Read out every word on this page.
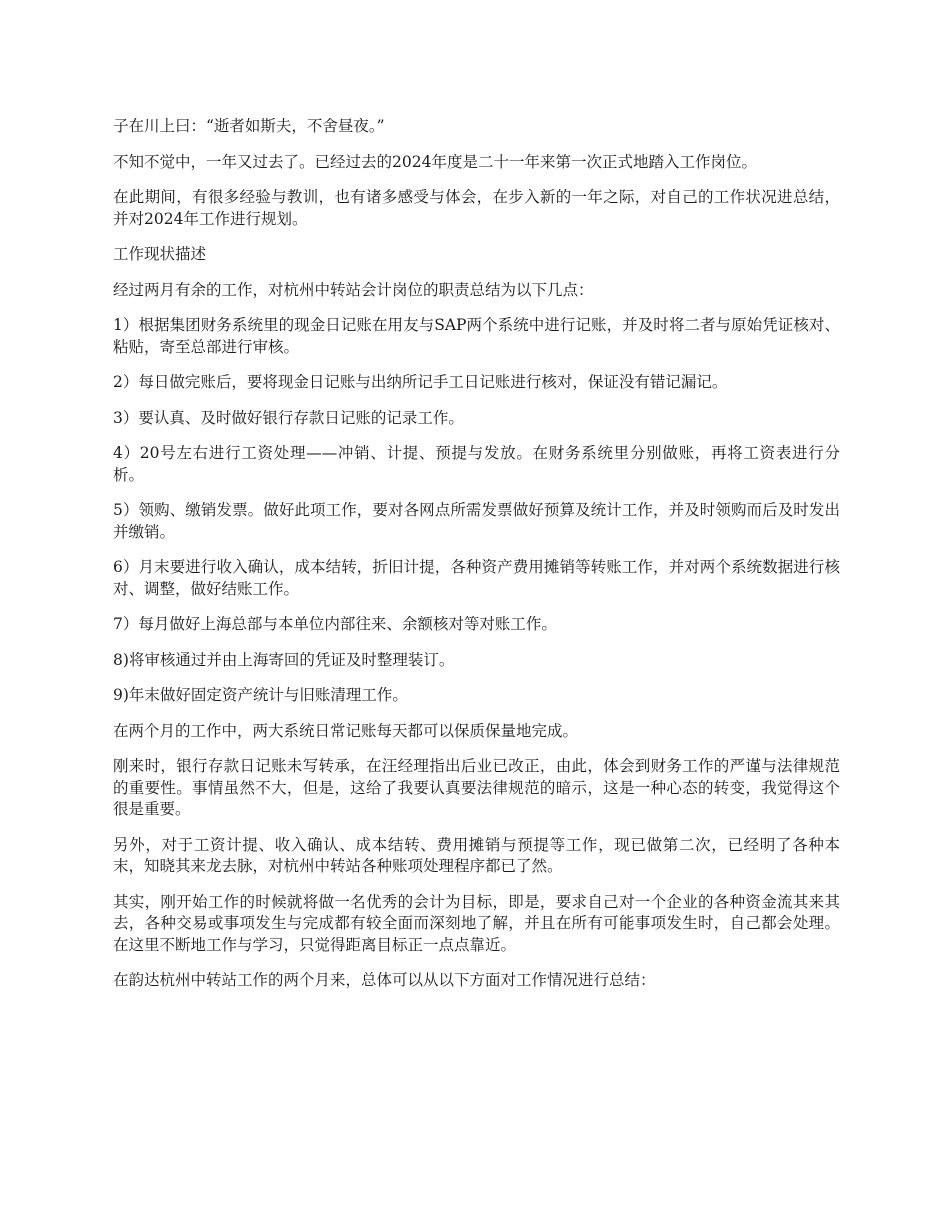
子在川上曰：“逝者如斯夫，不舍昼夜。”

不知不觉中，一年又过去了。已经过去的2024年度是二十一年来第一次正式地踏入工作岗位。

在此期间，有很多经验与教训，也有诸多感受与体会，在步入新的一年之际，对自己的工作状况进总结，并对2024年工作进行规划。

工作现状描述

经过两月有余的工作，对杭州中转站会计岗位的职责总结为以下几点：

1）根据集团财务系统里的现金日记账在用友与SAP两个系统中进行记账，并及时将二者与原始凭证核对、粘贴，寄至总部进行审核。

2）每日做完账后，要将现金日记账与出纳所记手工日记账进行核对，保证没有错记漏记。

3）要认真、及时做好银行存款日记账的记录工作。

4）20号左右进行工资处理——冲销、计提、预提与发放。在财务系统里分别做账，再将工资表进行分析。

5）领购、缴销发票。做好此项工作，要对各网点所需发票做好预算及统计工作，并及时领购而后及时发出并缴销。

6）月末要进行收入确认，成本结转，折旧计提，各种资产费用摊销等转账工作，并对两个系统数据进行核对、调整，做好结账工作。

7）每月做好上海总部与本单位内部往来、余额核对等对账工作。

8)将审核通过并由上海寄回的凭证及时整理装订。

9)年末做好固定资产统计与旧账清理工作。

在两个月的工作中，两大系统日常记账每天都可以保质保量地完成。

刚来时，银行存款日记账未写转承，在汪经理指出后业已改正，由此，体会到财务工作的严谨与法律规范的重要性。事情虽然不大，但是，这给了我要认真要法律规范的暗示，这是一种心态的转变，我觉得这个很是重要。

另外，对于工资计提、收入确认、成本结转、费用摊销与预提等工作，现已做第二次，已经明了各种本末，知晓其来龙去脉，对杭州中转站各种账项处理程序都已了然。

其实，刚开始工作的时候就将做一名优秀的会计为目标，即是，要求自己对一个企业的各种资金流其来其去，各种交易或事项发生与完成都有较全面而深刻地了解，并且在所有可能事项发生时，自己都会处理。在这里不断地工作与学习，只觉得距离目标正一点点靠近。

在韵达杭州中转站工作的两个月来，总体可以从以下方面对工作情况进行总结：
